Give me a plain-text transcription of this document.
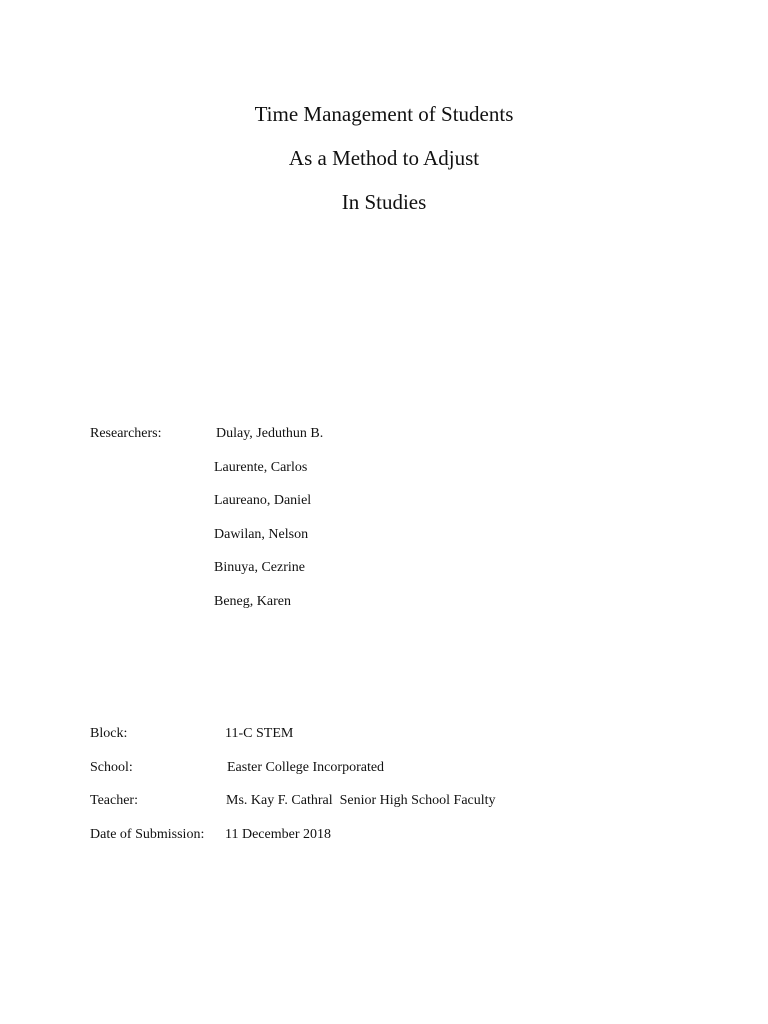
Time Management of Students
As a Method to Adjust
In Studies
Researchers:	Dulay, Jeduthun B.
Laurente, Carlos
Laureano, Daniel
Dawilan, Nelson
Binuya, Cezrine
Beneg, Karen
Block:	11-C STEM
School:	Easter College Incorporated
Teacher:	Ms. Kay F. Cathral  Senior High School Faculty
Date of Submission: 11 December 2018
